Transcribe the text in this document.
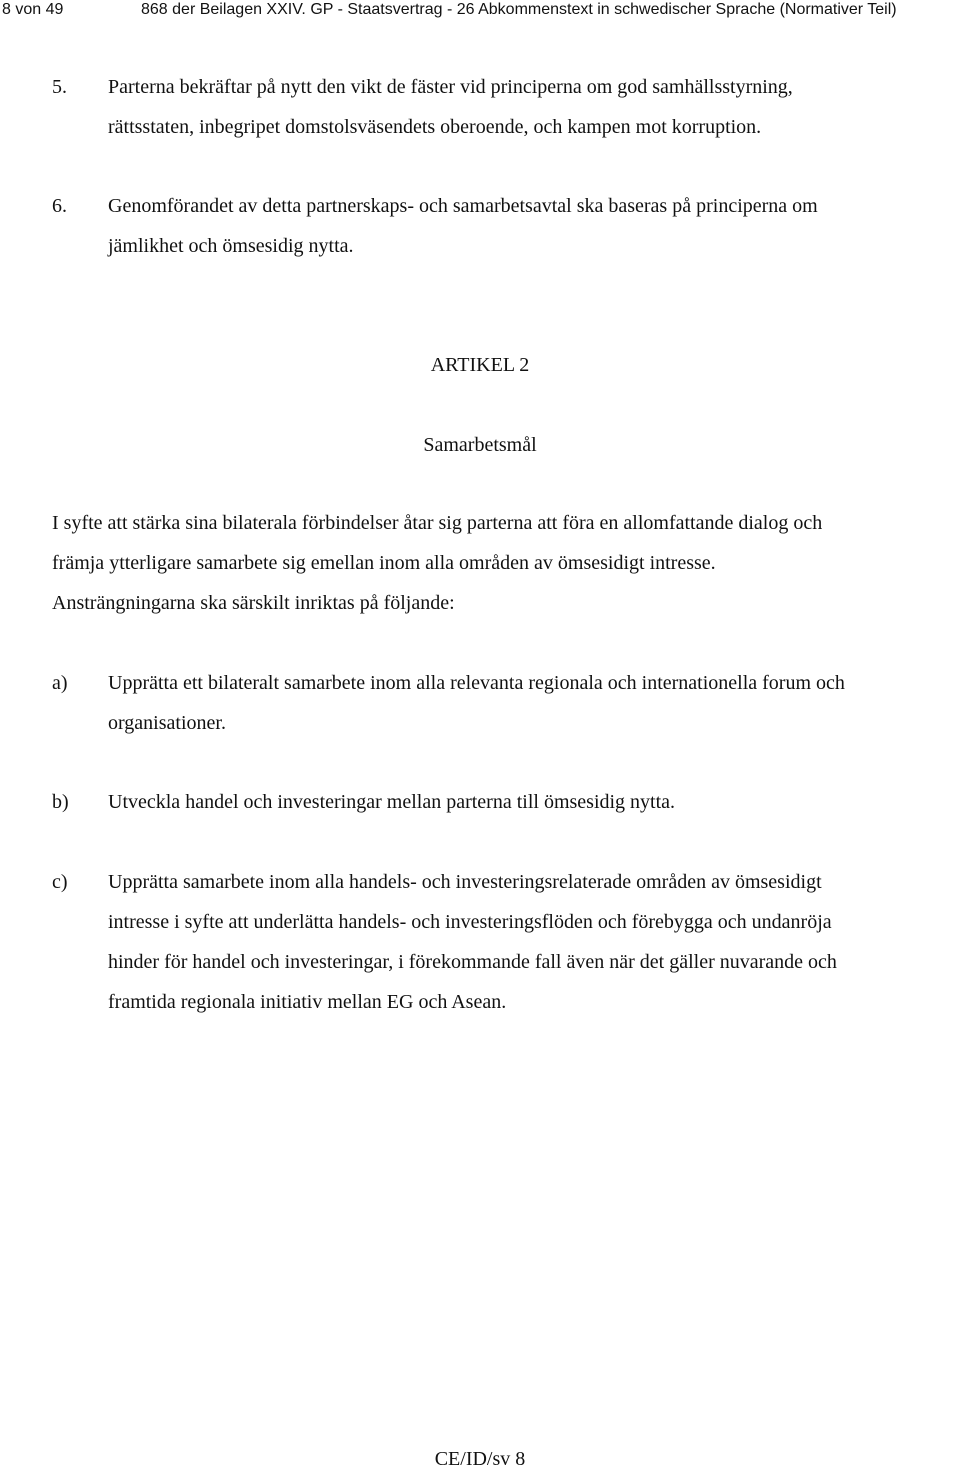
8 von 49	868 der Beilagen XXIV. GP - Staatsvertrag - 26 Abkommenstext in schwedischer Sprache (Normativer Teil)
5. Parterna bekräftar på nytt den vikt de fäster vid principerna om god samhällsstyrning,
rättsstaten, inbegripet domstolsväsendets oberoende, och kampen mot korruption.
6. Genomförandet av detta partnerskaps- och samarbetsavtal ska baseras på principerna om
jämlikhet och ömsesidig nytta.
ARTIKEL 2
Samarbetsmål
I syfte att stärka sina bilaterala förbindelser åtar sig parterna att föra en allomfattande dialog och
främja ytterligare samarbete sig emellan inom alla områden av ömsesidigt intresse.
Ansträngningarna ska särskilt inriktas på följande:
a) Upprätta ett bilateralt samarbete inom alla relevanta regionala och internationella forum och
organisationer.
b) Utveckla handel och investeringar mellan parterna till ömsesidig nytta.
c) Upprätta samarbete inom alla handels- och investeringsrelaterade områden av ömsesidigt
intresse i syfte att underlätta handels- och investeringsflöden och förebygga och undanröja
hinder för handel och investeringar, i förekommande fall även när det gäller nuvarande och
framtida regionala initiativ mellan EG och Asean.
CE/ID/sv 8
